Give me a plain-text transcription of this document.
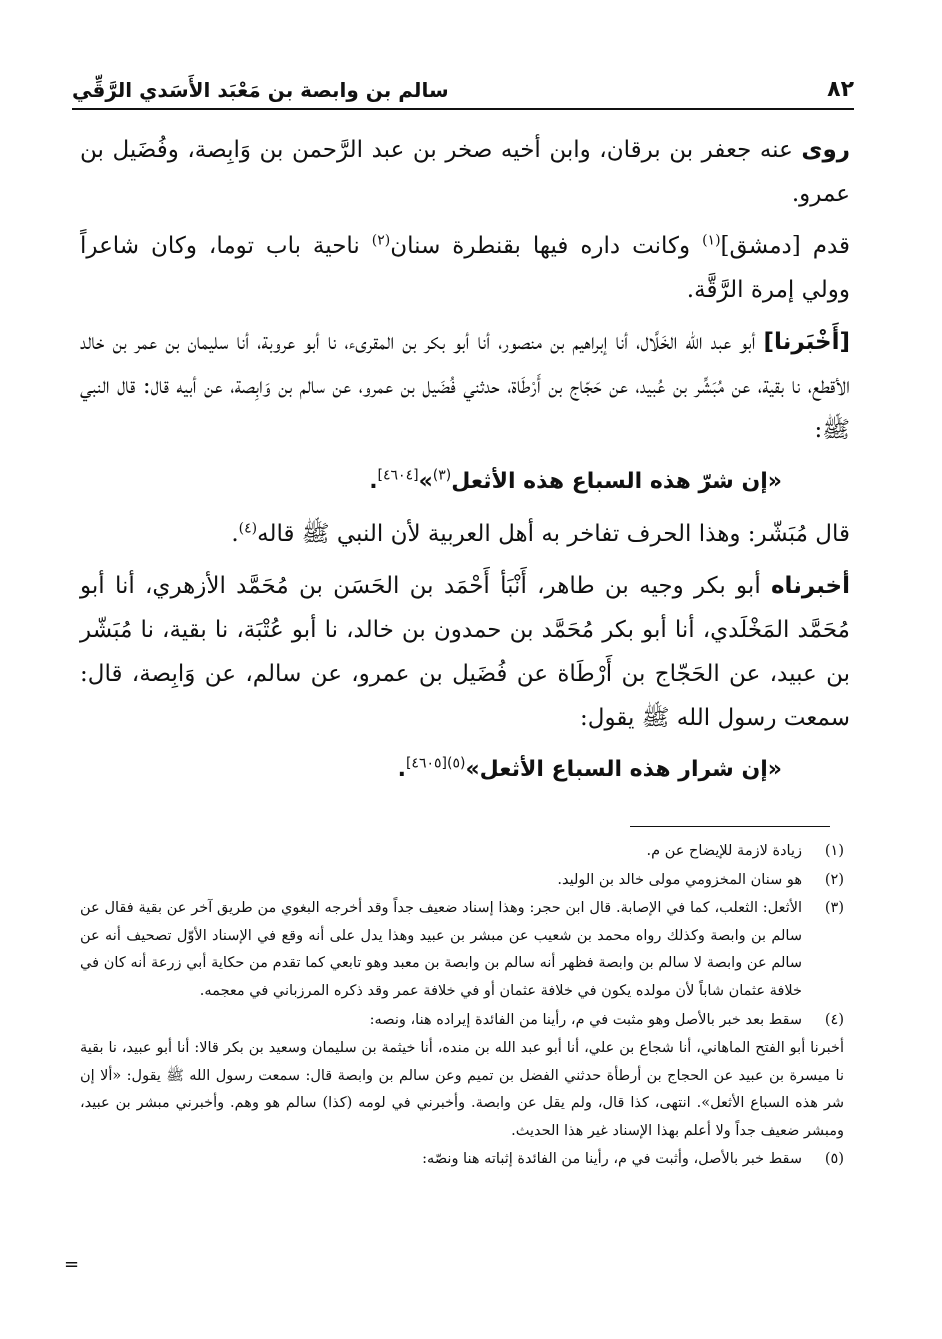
٨٢
سالم بن وابصة بن مَعْبَد الأَسَدي الرَّقِّي

روى عنه جعفر بن برقان، وابن أخيه صخر بن عبد الرَّحمن بن وَابِصة، وفُضَيل بن عمرو.

قدم [دمشق]$^{(١)}$ وكانت داره فيها بقنطرة سنان$^{(٢)}$ ناحية باب توما، وكان شاعراً وولي إمرة الرَّقَّة.

[أَخْبَرنا] أبو عبد الله الخَلَّال، أنا إبراهيم بن منصور، أنا أبو بكر بن المقرىء، نا أبو عروبة، أنا سليمان بن عمر بن خالد الأقطع، نا بقية، عن مُبَشِّر بن عُبيد، عن حَجّاج بن أَرْطَاة، حدثني فُضَيل بن عمرو، عن سالم بن وَابِصة، عن أبيه قال: قال النبي ﷺ:

«إن شرّ هذه السباع هذه الأثعل$^{(٣)}$»[٤٦٠٤].

قال مُبَشّر: وهذا الحرف تفاخر به أهل العربية لأن النبي ﷺ قاله$^{(٤)}$.

أخبرناه أبو بكر وجيه بن طاهر، أَنْبَأ أَحْمَد بن الحَسَن بن مُحَمَّد الأزهري، أنا أبو مُحَمَّد المَخْلَدي، أنا أبو بكر مُحَمَّد بن حمدون بن خالد، نا أبو عُتْبَة، نا بقية، نا مُبَشّر بن عبيد، عن الحَجّاج بن أَرْطَاة عن فُضَيل بن عمرو، عن سالم، عن وَابِصة، قال: سمعت رسول الله ﷺ يقول:

«إن شرار هذه السباع الأثعل»$^{(٥)[٤٦٠٥]}$.

(١)
زيادة لازمة للإيضاح عن م.
(٢)
هو سنان المخزومي مولى خالد بن الوليد.
(٣)
الأثعل: الثعلب، كما في الإصابة. قال ابن حجر: وهذا إسناد ضعيف جداً وقد أخرجه البغوي من طريق آخر عن بقية فقال عن سالم بن وابصة وكذلك رواه محمد بن شعيب عن مبشر بن عبيد وهذا يدل على أنه وقع في الإسناد الأوّل تصحيف أنه عن سالم عن وابصة لا سالم بن وابصة فظهر أنه سالم بن وابصة بن معبد وهو تابعي كما تقدم من حكاية أبي زرعة أنه كان في خلافة عثمان شاباً لأن مولده يكون في خلافة عثمان أو في خلافة عمر وقد ذكره المرزباني في معجمه.
(٤)
سقط بعد خبر بالأصل وهو مثبت في م، رأينا من الفائدة إيراده هنا، ونصه:
أخبرنا أبو الفتح الماهاني، أنا شجاع بن علي، أنا أبو عبد الله بن منده، أنا خيثمة بن سليمان وسعيد بن بكر قالا: أنا أبو عبيد، نا بقية نا ميسرة بن عبيد عن الحجاج بن أرطأة حدثني الفضل بن تميم وعن سالم بن وابصة قال: سمعت رسول الله ﷺ يقول: «ألا إن شر هذه السباع الأثعل». انتهى، كذا قال، ولم يقل عن وابصة. وأخبرني في لومه (كذا) سالم هو وهم. وأخبرني مبشر بن عبيد، ومبشر ضعيف جداً ولا أعلم بهذا الإسناد غير هذا الحديث.
(٥)
سقط خبر بالأصل، وأثبت في م، رأينا من الفائدة إثباته هنا ونصّه:
=
